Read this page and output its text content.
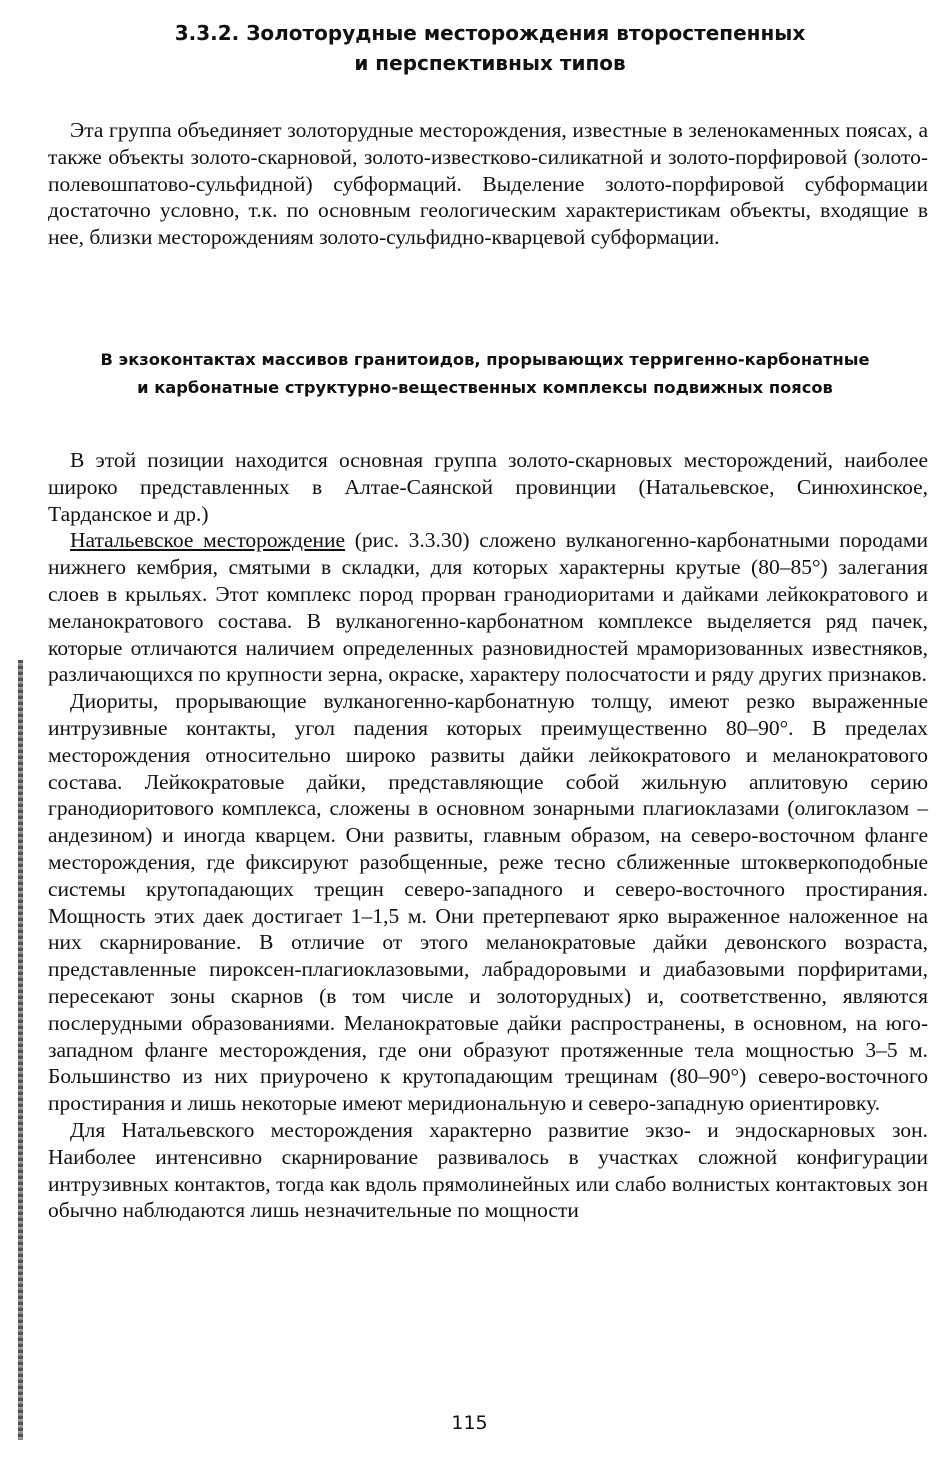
3.3.2. Золоторудные месторождения второстепенных
и перспективных типов

Эта группа объединяет золоторудные месторождения, известные в зеленокаменных поясах, а также объекты золото-скарновой, золото-известково-силикатной и золото-порфировой (золото-полевошпатово-сульфидной) субформаций. Выделение золото-порфировой субформации достаточно условно, т.к. по основным геологическим характеристикам объекты, входящие в нее, близки месторождениям золото-сульфидно-кварцевой субформации.

В экзоконтактах массивов гранитоидов, прорывающих терригенно-карбонатные
и карбонатные структурно-вещественных комплексы подвижных поясов

В этой позиции находится основная группа золото-скарновых месторождений, наиболее широко представленных в Алтае-Саянской провинции (Натальевское, Синюхинское, Тарданское и др.)

Натальевское месторождение (рис. 3.3.30) сложено вулканогенно-карбонатными породами нижнего кембрия, смятыми в складки, для которых характерны крутые (80–85°) залегания слоев в крыльях. Этот комплекс пород прорван гранодиоритами и дайками лейкократового и меланократового состава. В вулканогенно-карбонатном комплексе выделяется ряд пачек, которые отличаются наличием определенных разновидностей мраморизованных известняков, различающихся по крупности зерна, окраске, характеру полосчатости и ряду других признаков.

Диориты, прорывающие вулканогенно-карбонатную толщу, имеют резко выраженные интрузивные контакты, угол падения которых преимущественно 80–90°. В пределах месторождения относительно широко развиты дайки лейкократового и меланократового состава. Лейкократовые дайки, представляющие собой жильную аплитовую серию гранодиоритового комплекса, сложены в основном зонарными плагиоклазами (олигоклазом – андезином) и иногда кварцем. Они развиты, главным образом, на северо-восточном фланге месторождения, где фиксируют разобщенные, реже тесно сближенные штокверкоподобные системы крутопадающих трещин северо-западного и северо-восточного простирания. Мощность этих даек достигает 1–1,5 м. Они претерпевают ярко выраженное наложенное на них скарнирование. В отличие от этого меланократовые дайки девонского возраста, представленные пироксен-плагиоклазовыми, лабрадоровыми и диабазовыми порфиритами, пересекают зоны скарнов (в том числе и золоторудных) и, соответственно, являются послерудными образованиями. Меланократовые дайки распространены, в основном, на юго-западном фланге месторождения, где они образуют протяженные тела мощностью 3–5 м. Большинство из них приурочено к крутопадающим трещинам (80–90°) северо-восточного простирания и лишь некоторые имеют меридиональную и северо-западную ориентировку.

Для Натальевского месторождения характерно развитие экзо- и эндоскарновых зон. Наиболее интенсивно скарнирование развивалось в участках сложной конфигурации интрузивных контактов, тогда как вдоль прямолинейных или слабо волнистых контактовых зон обычно наблюдаются лишь незначительные по мощности

115
